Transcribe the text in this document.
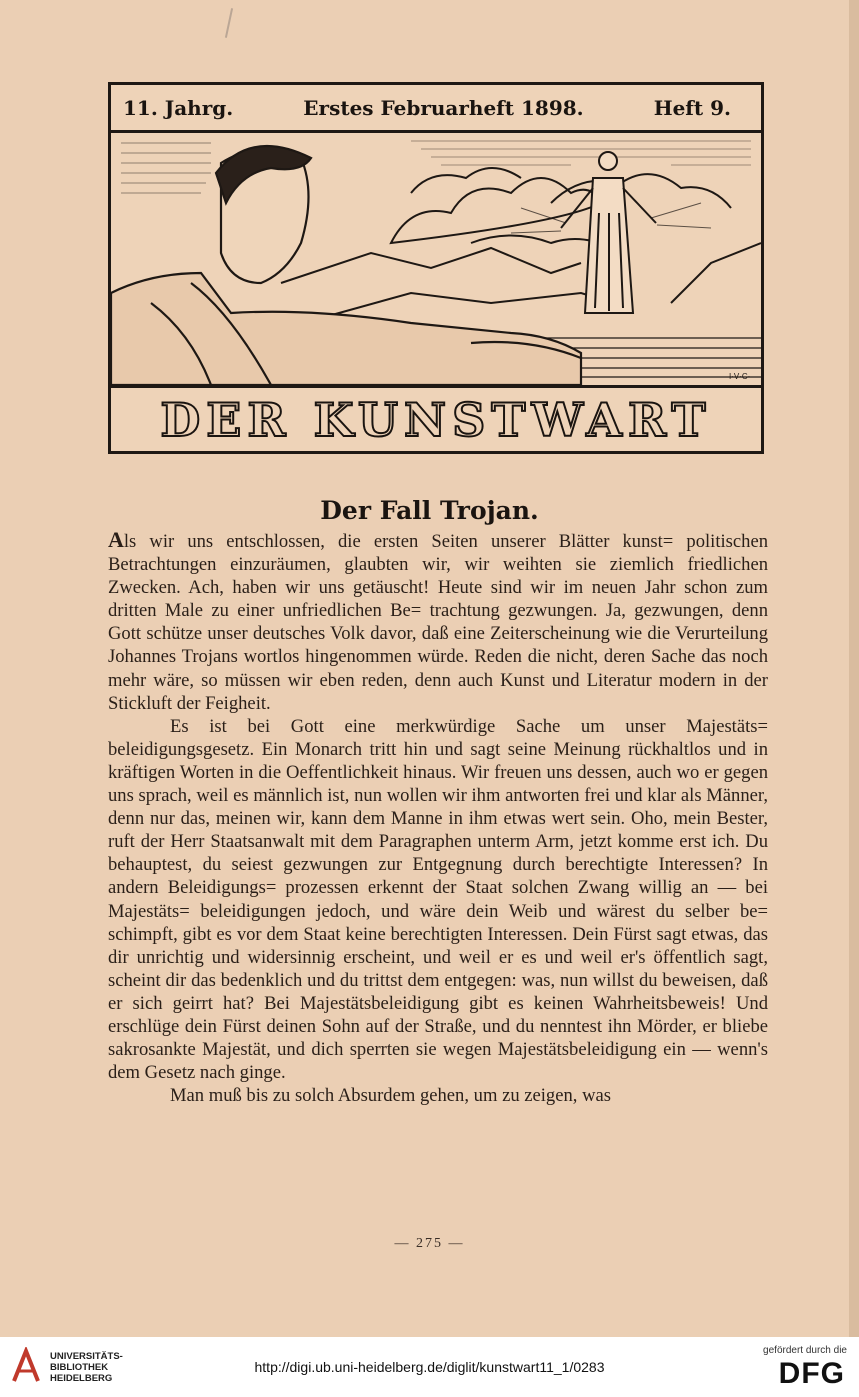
11. Jahrg.	Erstes Februarheft 1898.	Heft 9.
I·V·C·
DER KUNSTWART
Der Fall Trojan.

Als wir uns entschlossen, die ersten Seiten unserer Blätter kunst= politischen Betrachtungen einzuräumen, glaubten wir, wir weihten sie ziemlich friedlichen Zwecken. Ach, haben wir uns getäuscht! Heute sind wir im neuen Jahr schon zum dritten Male zu einer unfriedlichen Be= trachtung gezwungen. Ja, gezwungen, denn Gott schütze unser deutsches Volk davor, daß eine Zeiterscheinung wie die Verurteilung Johannes Trojans wortlos hingenommen würde. Reden die nicht, deren Sache das noch mehr wäre, so müssen wir eben reden, denn auch Kunst und Literatur modern in der Stickluft der Feigheit.

Es ist bei Gott eine merkwürdige Sache um unser Majestäts= beleidigungsgesetz. Ein Monarch tritt hin und sagt seine Meinung rückhaltlos und in kräftigen Worten in die Oeffentlichkeit hinaus. Wir freuen uns dessen, auch wo er gegen uns sprach, weil es männlich ist, nun wollen wir ihm antworten frei und klar als Männer, denn nur das, meinen wir, kann dem Manne in ihm etwas wert sein. Oho, mein Bester, ruft der Herr Staatsanwalt mit dem Paragraphen unterm Arm, jetzt komme erst ich. Du behauptest, du seiest gezwungen zur Entgegnung durch berechtigte Interessen? In andern Beleidigungs= prozessen erkennt der Staat solchen Zwang willig an — bei Majestäts= beleidigungen jedoch, und wäre dein Weib und wärest du selber be= schimpft, gibt es vor dem Staat keine berechtigten Interessen. Dein Fürst sagt etwas, das dir unrichtig und widersinnig erscheint, und weil er es und weil er's öffentlich sagt, scheint dir das bedenklich und du trittst dem entgegen: was, nun willst du beweisen, daß er sich geirrt hat? Bei Majestätsbeleidigung gibt es keinen Wahrheitsbeweis! Und erschlüge dein Fürst deinen Sohn auf der Straße, und du nenntest ihn Mörder, er bliebe sakrosankte Majestät, und dich sperrten sie wegen Majestätsbeleidigung ein — wenn's dem Gesetz nach ginge.

Man muß bis zu solch Absurdem gehen, um zu zeigen, was

— 275 —
UNIVERSITÄTS-
BIBLIOTHEK
HEIDELBERG
http://digi.ub.uni-heidelberg.de/diglit/kunstwart11_1/0283
gefördert durch die
DFG
